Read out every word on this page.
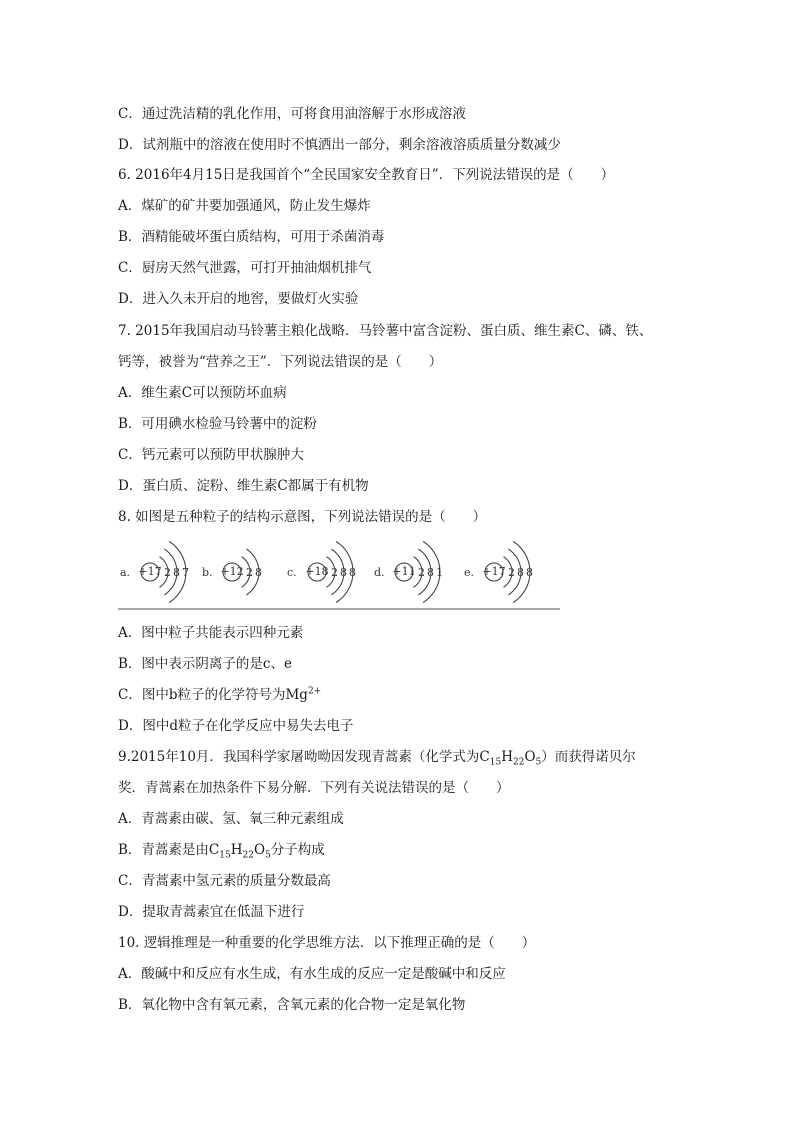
C．通过洗洁精的乳化作用，可将食用油溶解于水形成溶液
D．试剂瓶中的溶液在使用时不慎洒出一部分，剩余溶液溶质质量分数减少
6. 2016年4月15日是我国首个“全民国家安全教育日”．下列说法错误的是（　　）
A．煤矿的矿井要加强通风，防止发生爆炸
B．酒精能破坏蛋白质结构，可用于杀菌消毒
C．厨房天然气泄露，可打开抽油烟机排气
D．进入久未开启的地窖，要做灯火实验
7. 2015年我国启动马铃薯主粮化战略．马铃薯中富含淀粉、蛋白质、维生素C、磷、铁、
钙等，被誉为“营养之王”．下列说法错误的是（　　）
A．维生素C可以预防坏血病
B．可用碘水检验马铃薯中的淀粉
C．钙元素可以预防甲状腺肿大
D．蛋白质、淀粉、维生素C都属于有机物
8. 如图是五种粒子的结构示意图，下列说法错误的是（　　）
a. +17 2 8 7 b. +12 2 8 c. +18 2 8 8 d. +11 2 8 1 e. +17 2 8 8
A．图中粒子共能表示四种元素
B．图中表示阴离子的是c、e
C．图中b粒子的化学符号为$Mg^{2+}$
D．图中d粒子在化学反应中易失去电子
9.2015年10月．我国科学家屠呦呦因发现青蒿素（化学式为$C_{15}H_{22}O_5$）而获得诺贝尔
奖．青蒿素在加热条件下易分解．下列有关说法错误的是（　　）
A．青蒿素由碳、氢、氧三种元素组成
B．青蒿素是由$C_{15}H_{22}O_5$分子构成
C．青蒿素中氢元素的质量分数最高
D．提取青蒿素宜在低温下进行
10. 逻辑推理是一种重要的化学思维方法．以下推理正确的是（　　）
A．酸碱中和反应有水生成，有水生成的反应一定是酸碱中和反应
B．氧化物中含有氧元素，含氧元素的化合物一定是氧化物
